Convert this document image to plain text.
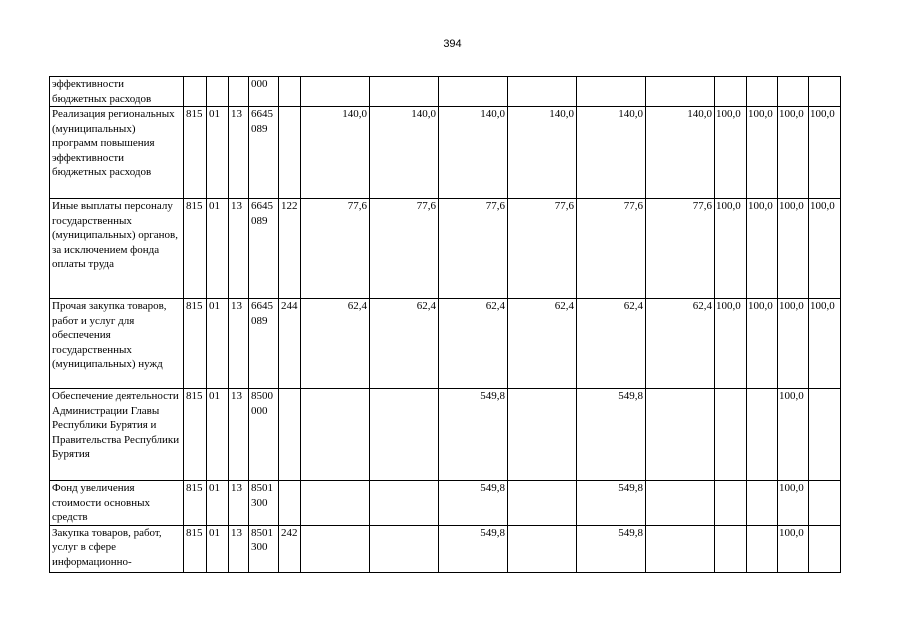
394
эффективности бюджетных расходов				000											
Реализация региональных (муниципальных) программ повышения эффективности бюджетных расходов	815	01	13	6645 089		140,0	140,0	140,0	140,0	140,0	140,0	100,0	100,0	100,0	100,0
Иные выплаты персоналу государственных (муниципальных) органов, за исключением фонда оплаты труда	815	01	13	6645 089	122	77,6	77,6	77,6	77,6	77,6	77,6	100,0	100,0	100,0	100,0
Прочая закупка товаров, работ и услуг для обеспечения государственных (муниципальных) нужд	815	01	13	6645 089	244	62,4	62,4	62,4	62,4	62,4	62,4	100,0	100,0	100,0	100,0
Обеспечение деятельности Администрации Главы Республики Бурятия и Правительства Республики Бурятия	815	01	13	8500 000				549,8		549,8				100,0	
Фонд увеличения стоимости основных средств	815	01	13	8501 300				549,8		549,8				100,0	
Закупка товаров, работ, услуг в сфере информационно-	815	01	13	8501 300	242			549,8		549,8				100,0	
